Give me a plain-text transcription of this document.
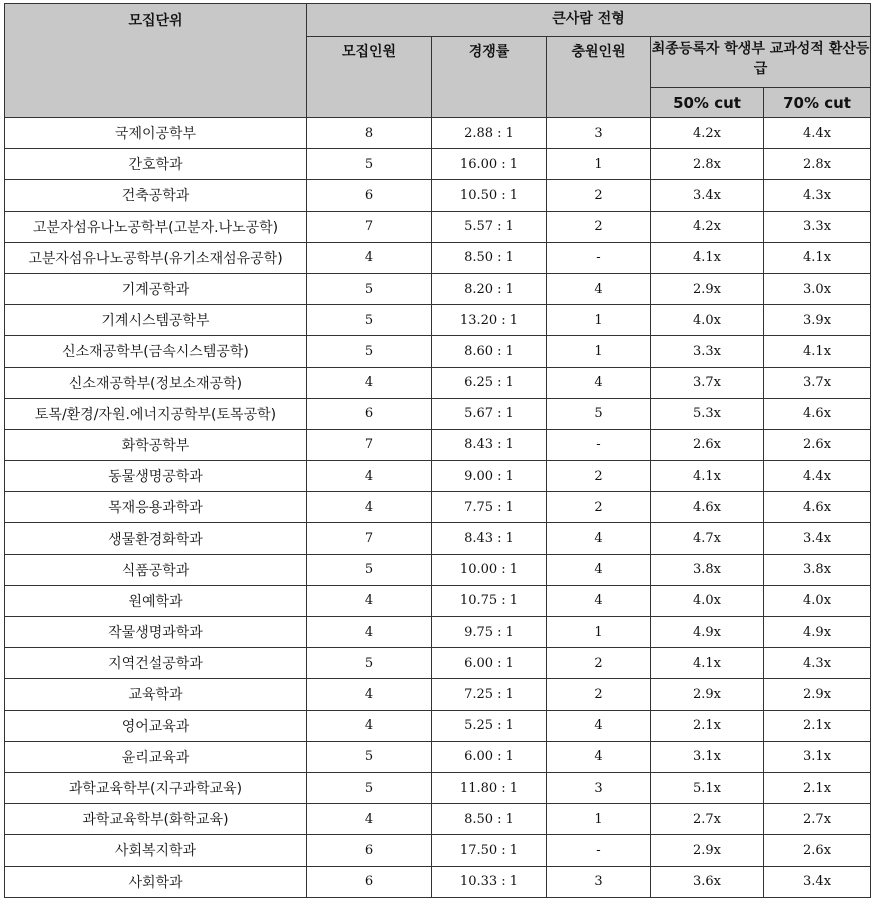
모집단위	큰사람 전형				
	모집인원	경쟁률	충원인원	최종등록자 학생부 교과성적 환산등급	
				50% cut	70% cut
국제이공학부	8	2.88 : 1	3	4.2x	4.4x
간호학과	5	16.00 : 1	1	2.8x	2.8x
건축공학과	6	10.50 : 1	2	3.4x	4.3x
고분자섬유나노공학부(고분자.나노공학)	7	5.57 : 1	2	4.2x	3.3x
고분자섬유나노공학부(유기소재섬유공학)	4	8.50 : 1	-	4.1x	4.1x
기계공학과	5	8.20 : 1	4	2.9x	3.0x
기계시스템공학부	5	13.20 : 1	1	4.0x	3.9x
신소재공학부(금속시스템공학)	5	8.60 : 1	1	3.3x	4.1x
신소재공학부(정보소재공학)	4	6.25 : 1	4	3.7x	3.7x
토목/환경/자원.에너지공학부(토목공학)	6	5.67 : 1	5	5.3x	4.6x
화학공학부	7	8.43 : 1	-	2.6x	2.6x
동물생명공학과	4	9.00 : 1	2	4.1x	4.4x
목재응용과학과	4	7.75 : 1	2	4.6x	4.6x
생물환경화학과	7	8.43 : 1	4	4.7x	3.4x
식품공학과	5	10.00 : 1	4	3.8x	3.8x
원예학과	4	10.75 : 1	4	4.0x	4.0x
작물생명과학과	4	9.75 : 1	1	4.9x	4.9x
지역건설공학과	5	6.00 : 1	2	4.1x	4.3x
교육학과	4	7.25 : 1	2	2.9x	2.9x
영어교육과	4	5.25 : 1	4	2.1x	2.1x
윤리교육과	5	6.00 : 1	4	3.1x	3.1x
과학교육학부(지구과학교육)	5	11.80 : 1	3	5.1x	2.1x
과학교육학부(화학교육)	4	8.50 : 1	1	2.7x	2.7x
사회복지학과	6	17.50 : 1	-	2.9x	2.6x
사회학과	6	10.33 : 1	3	3.6x	3.4x
